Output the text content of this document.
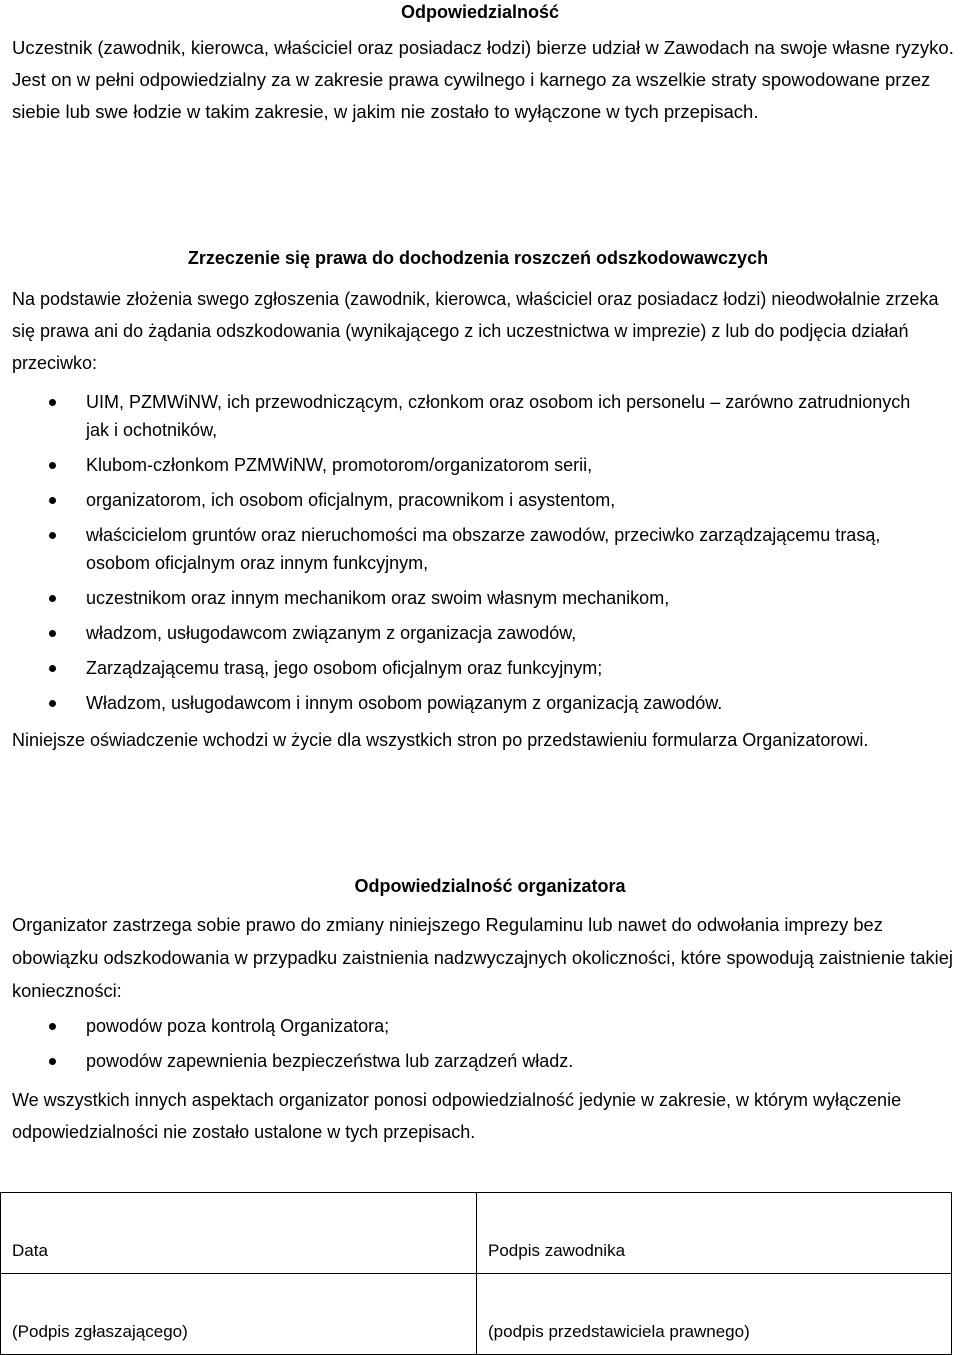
Odpowiedzialność

Uczestnik (zawodnik, kierowca, właściciel oraz posiadacz łodzi) bierze udział w Zawodach na swoje własne ryzyko. Jest on w pełni odpowiedzialny za w zakresie prawa cywilnego i karnego za wszelkie straty spowodowane przez siebie lub swe łodzie w takim zakresie, w jakim nie zostało to wyłączone w tych przepisach.

Zrzeczenie się prawa do dochodzenia roszczeń odszkodowawczych

Na podstawie złożenia swego zgłoszenia (zawodnik, kierowca, właściciel oraz posiadacz łodzi) nieodwołalnie zrzeka się prawa ani do żądania odszkodowania (wynikającego z ich uczestnictwa w imprezie) z lub do podjęcia działań przeciwko:

UIM, PZMWiNW, ich przewodniczącym, członkom oraz osobom ich personelu – zarówno zatrudnionych jak i ochotników,
Klubom-członkom PZMWiNW, promotorom/organizatorom serii,
organizatorom, ich osobom oficjalnym, pracownikom i asystentom,
właścicielom gruntów oraz nieruchomości ma obszarze zawodów, przeciwko zarządzającemu trasą, osobom oficjalnym oraz innym funkcyjnym,
uczestnikom oraz innym mechanikom oraz swoim własnym mechanikom,
władzom, usługodawcom związanym z organizacja zawodów,
Zarządzającemu trasą, jego osobom oficjalnym oraz funkcyjnym;
Władzom, usługodawcom i innym osobom powiązanym z organizacją zawodów.

Niniejsze oświadczenie wchodzi w życie dla wszystkich stron po przedstawieniu formularza Organizatorowi.

Odpowiedzialność organizatora

Organizator zastrzega sobie prawo do zmiany niniejszego Regulaminu lub nawet do odwołania imprezy bez obowiązku odszkodowania w przypadku zaistnienia nadzwyczajnych okoliczności, które spowodują zaistnienie takiej konieczności:

powodów poza kontrolą Organizatora;
powodów zapewnienia bezpieczeństwa lub zarządzeń władz.

We wszystkich innych aspektach organizator ponosi odpowiedzialność jedynie w zakresie, w którym wyłączenie odpowiedzialności nie zostało ustalone w tych przepisach.

Data	Podpis zawodnika
(Podpis zgłaszającego)	(podpis przedstawiciela prawnego)
